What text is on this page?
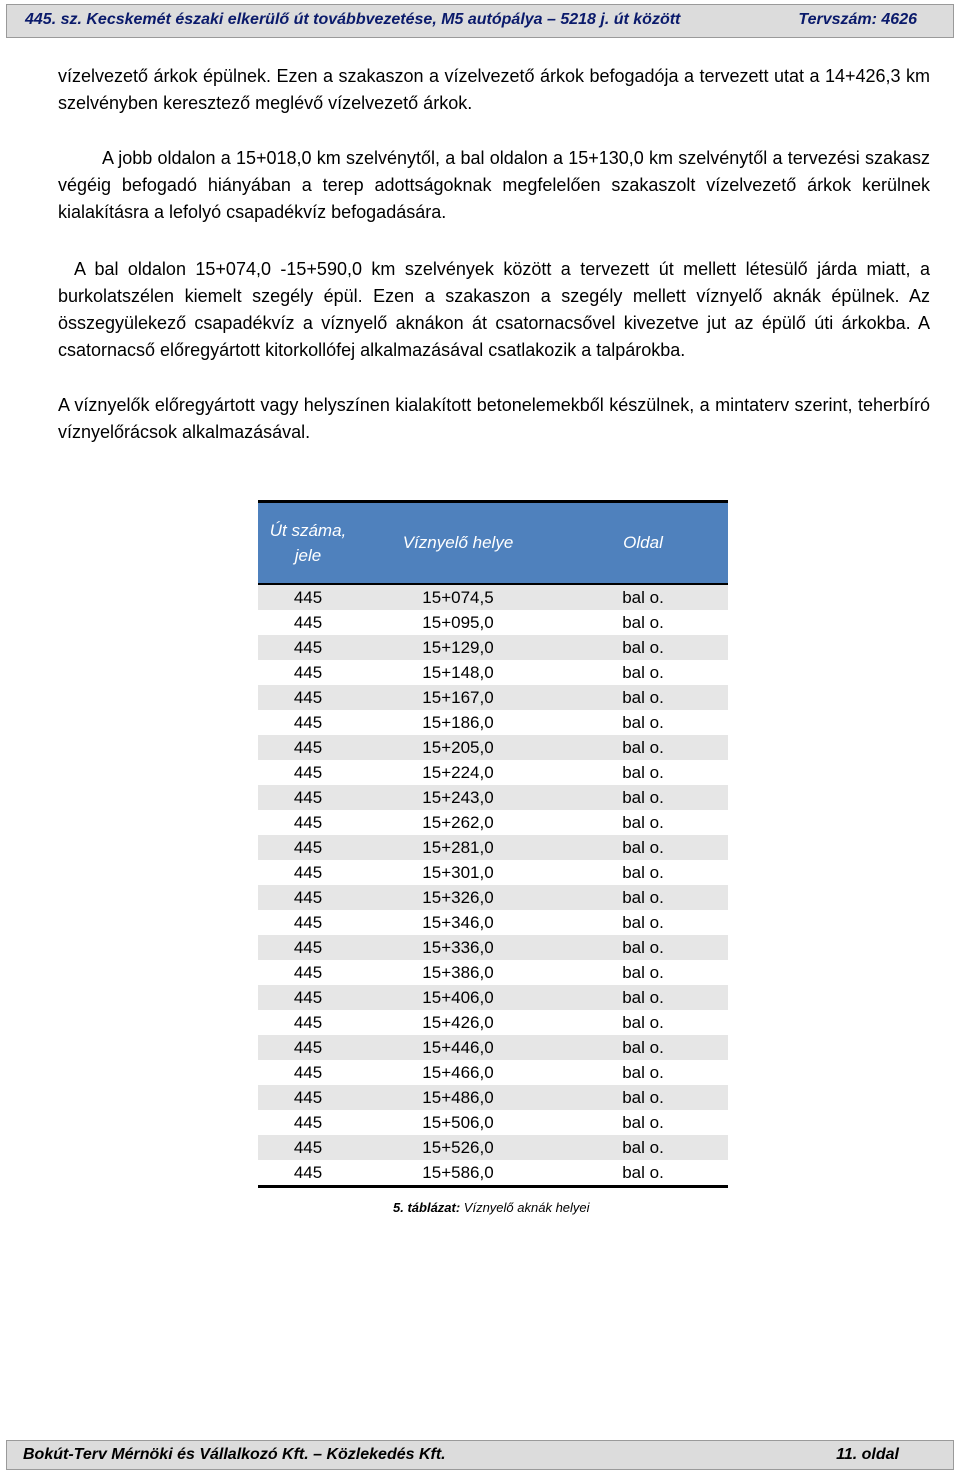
445. sz. Kecskemét északi elkerülő út továbbvezetése, M5 autópálya – 5218 j. út között	Tervszám: 4626

vízelvezető árkok épülnek. Ezen a szakaszon a vízelvezető árkok befogadója a tervezett utat a 14+426,3 km szelvényben keresztező meglévő vízelvezető árkok.

A jobb oldalon a 15+018,0 km szelvénytől, a bal oldalon a 15+130,0 km szelvénytől a tervezési szakasz végéig befogadó hiányában a terep adottságoknak megfelelően szakaszolt vízelvezető árkok kerülnek kialakításra a lefolyó csapadékvíz befogadására.

A bal oldalon 15+074,0 -15+590,0 km szelvények között a tervezett út mellett létesülő járda miatt, a burkolatszélen kiemelt szegély épül. Ezen a szakaszon a szegély mellett víznyelő aknák épülnek. Az összegyülekező csapadékvíz a víznyelő aknákon át csatornacsővel kivezetve jut az épülő úti árkokba. A csatornacső előregyártott kitorkollófej alkalmazásával csatlakozik a talpárokba.

A víznyelők előregyártott vagy helyszínen kialakított betonelemekből készülnek, a mintaterv szerint, teherbíró víznyelőrácsok alkalmazásával.

Út száma, jele	Víznyelő helye	Oldal
445	15+074,5	bal o.
445	15+095,0	bal o.
445	15+129,0	bal o.
445	15+148,0	bal o.
445	15+167,0	bal o.
445	15+186,0	bal o.
445	15+205,0	bal o.
445	15+224,0	bal o.
445	15+243,0	bal o.
445	15+262,0	bal o.
445	15+281,0	bal o.
445	15+301,0	bal o.
445	15+326,0	bal o.
445	15+346,0	bal o.
445	15+336,0	bal o.
445	15+386,0	bal o.
445	15+406,0	bal o.
445	15+426,0	bal o.
445	15+446,0	bal o.
445	15+466,0	bal o.
445	15+486,0	bal o.
445	15+506,0	bal o.
445	15+526,0	bal o.
445	15+586,0	bal o.
5. táblázat: Víznyelő aknák helyei
Bokút-Terv Mérnöki és Vállalkozó Kft. – Közlekedés Kft.	11. oldal
